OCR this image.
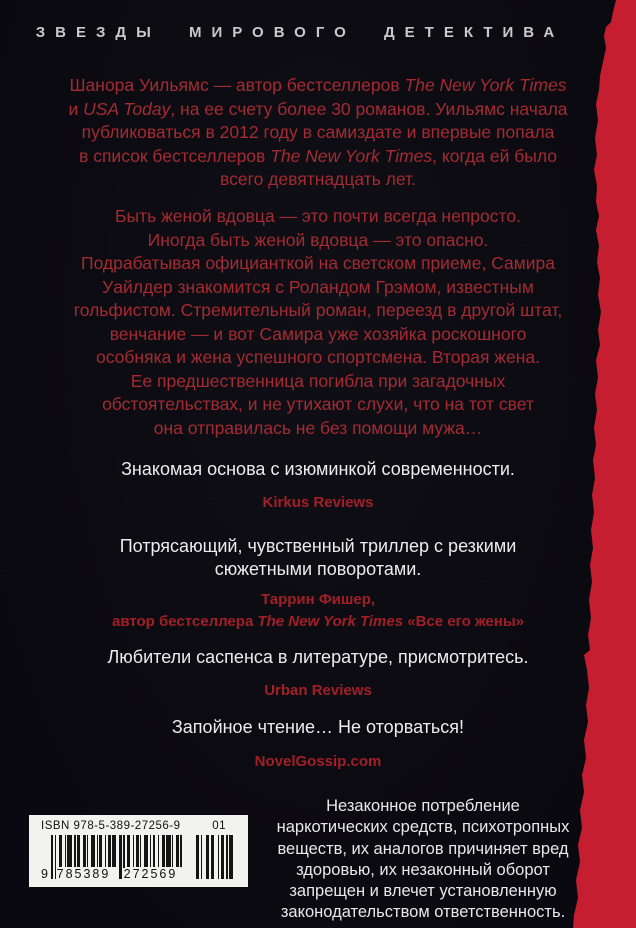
ЗВЕЗДЫ МИРОВОГО ДЕТЕКТИВА
Шанора Уильямс — автор бестселлеров The New York Times
и USA Today, на ее счету более 30 романов. Уильямс начала
публиковаться в 2012 году в самиздате и впервые попала
в список бестселлеров The New York Times, когда ей было
всего девятнадцать лет.
Быть женой вдовца — это почти всегда непросто.
Иногда быть женой вдовца — это опасно.
Подрабатывая официанткой на светском приеме, Самира
Уайлдер знакомится с Роландом Грэмом, известным
гольфистом. Стремительный роман, переезд в другой штат,
венчание — и вот Самира уже хозяйка роскошного
особняка и жена успешного спортсмена. Вторая жена.
Ее предшественница погибла при загадочных
обстоятельствах, и не утихают слухи, что на тот свет
она отправилась не без помощи мужа…
Знакомая основа с изюминкой современности.
Kirkus Reviews
Потрясающий, чувственный триллер с резкими
сюжетными поворотами.
Таррин Фишер,
автор бестселлера The New York Times «Все его жены»
Любители саспенса в литературе, присмотритесь.
Urban Reviews
Запойное чтение… Не оторваться!
NovelGossip.com
ISBN 978-5-389-27256-9	01
9 785389 272569
Незаконное потребление
наркотических средств, психотропных
веществ, их аналогов причиняет вред
здоровью, их незаконный оборот
запрещен и влечет установленную
законодательством ответственность.
